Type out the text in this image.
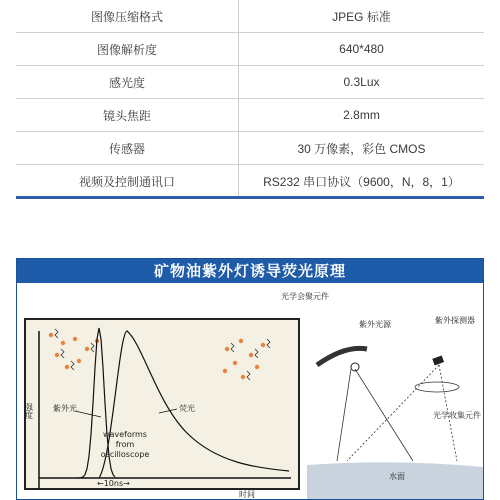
图像压缩格式	JPEG 标准
图像解析度	640*480
感光度	0.3Lux
镜头焦距	2.8mm
传感器	30 万像素，彩色 CMOS
视频及控制通讯口	RS232 串口协议（9600，N，8，1）
矿物油紫外灯诱导荧光原理
强度 紫外光	荧光
waveforms
from
oscilloscope
←10ns→
时间
光学会聚元件
紫外光源	紫外探测器
光学收集元件
水面
